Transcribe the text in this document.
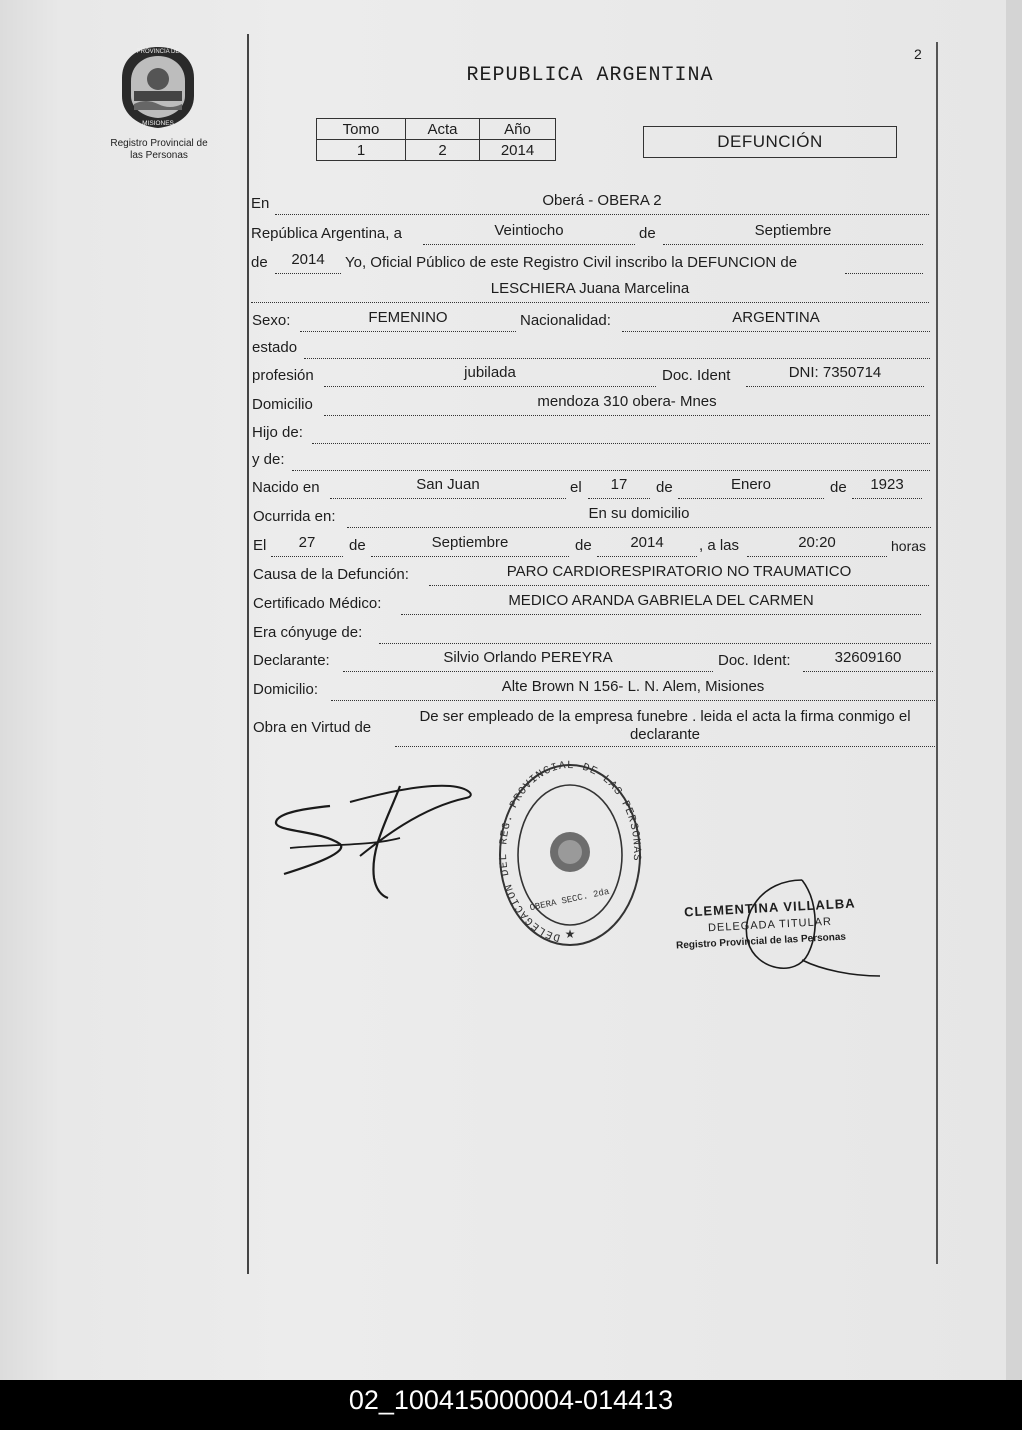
2
PROVINCIA DE
MISIONES
Registro Provincial de
las Personas
REPUBLICA ARGENTINA
Tomo	Acta	Año
1	2	2014	DEFUNCIÓN
En	Oberá - OBERA 2
República Argentina, a	Veintiocho	de	Septiembre
de	2014	Yo, Oficial Público de este Registro Civil inscribo la DEFUNCION de
LESCHIERA Juana Marcelina
Sexo:	FEMENINO	Nacionalidad:	ARGENTINA
estado
profesión	jubilada	Doc. Ident	DNI: 7350714
Domicilio	mendoza 310 obera- Mnes
Hijo de:
y de:
Nacido en	San Juan	el	17	de	Enero	de	1923
Ocurrida en:	En su domicilio
El	27	de	Septiembre	de	2014	, a las	20:20	horas
Causa de la Defunción:	PARO CARDIORESPIRATORIO NO TRAUMATICO
Certificado Médico:	MEDICO ARANDA GABRIELA DEL CARMEN
Era cónyuge de:
Declarante:	Silvio Orlando PEREYRA	Doc. Ident:	32609160
Domicilio:	Alte Brown N 156- L. N. Alem, Misiones
Obra en Virtud de
De ser empleado de la empresa funebre . leida el acta la firma conmigo el declarante
DELEGACION DEL REG. PROVINCIAL DE LAS PERSONAS
OBERA SECC. 2da
★
CLEMENTINA VILLALBA
DELEGADA TITULAR
Registro Provincial de las Personas
02_100415000004-014413
